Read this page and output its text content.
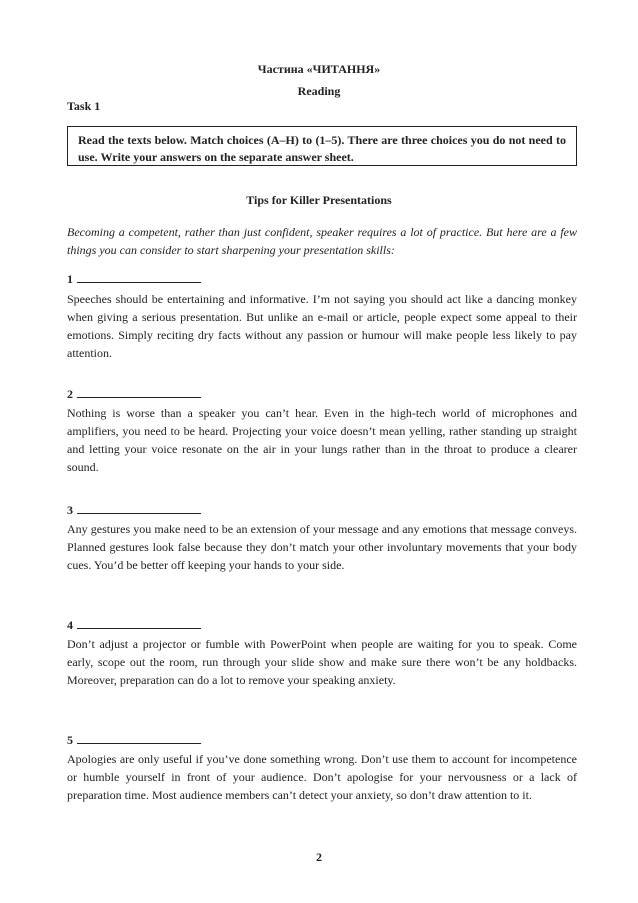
Частина «ЧИТАННЯ»
Reading
Task 1
Read the texts below. Match choices (A–H) to (1–5). There are three choices you do not need to use. Write your answers on the separate answer sheet.
Tips for Killer Presentations
Becoming a competent, rather than just confident, speaker requires a lot of practice. But here are a few things you can consider to start sharpening your presentation skills:
1
Speeches should be entertaining and informative. I’m not saying you should act like a dancing monkey when giving a serious presentation. But unlike an e-mail or article, people expect some appeal to their emotions. Simply reciting dry facts without any passion or humour will make people less likely to pay attention.
2
Nothing is worse than a speaker you can’t hear. Even in the high-tech world of microphones and amplifiers, you need to be heard. Projecting your voice doesn’t mean yelling, rather standing up straight and letting your voice resonate on the air in your lungs rather than in the throat to produce a clearer sound.
3
Any gestures you make need to be an extension of your message and any emotions that message conveys. Planned gestures look false because they don’t match your other involuntary movements that your body cues. You’d be better off keeping your hands to your side.
4
Don’t adjust a projector or fumble with PowerPoint when people are waiting for you to speak. Come early, scope out the room, run through your slide show and make sure there won’t be any holdbacks. Moreover, preparation can do a lot to remove your speaking anxiety.
5
Apologies are only useful if you’ve done something wrong. Don’t use them to account for incompetence or humble yourself in front of your audience. Don’t apologise for your nervousness or a lack of preparation time. Most audience members can’t detect your anxiety, so don’t draw attention to it.
2
